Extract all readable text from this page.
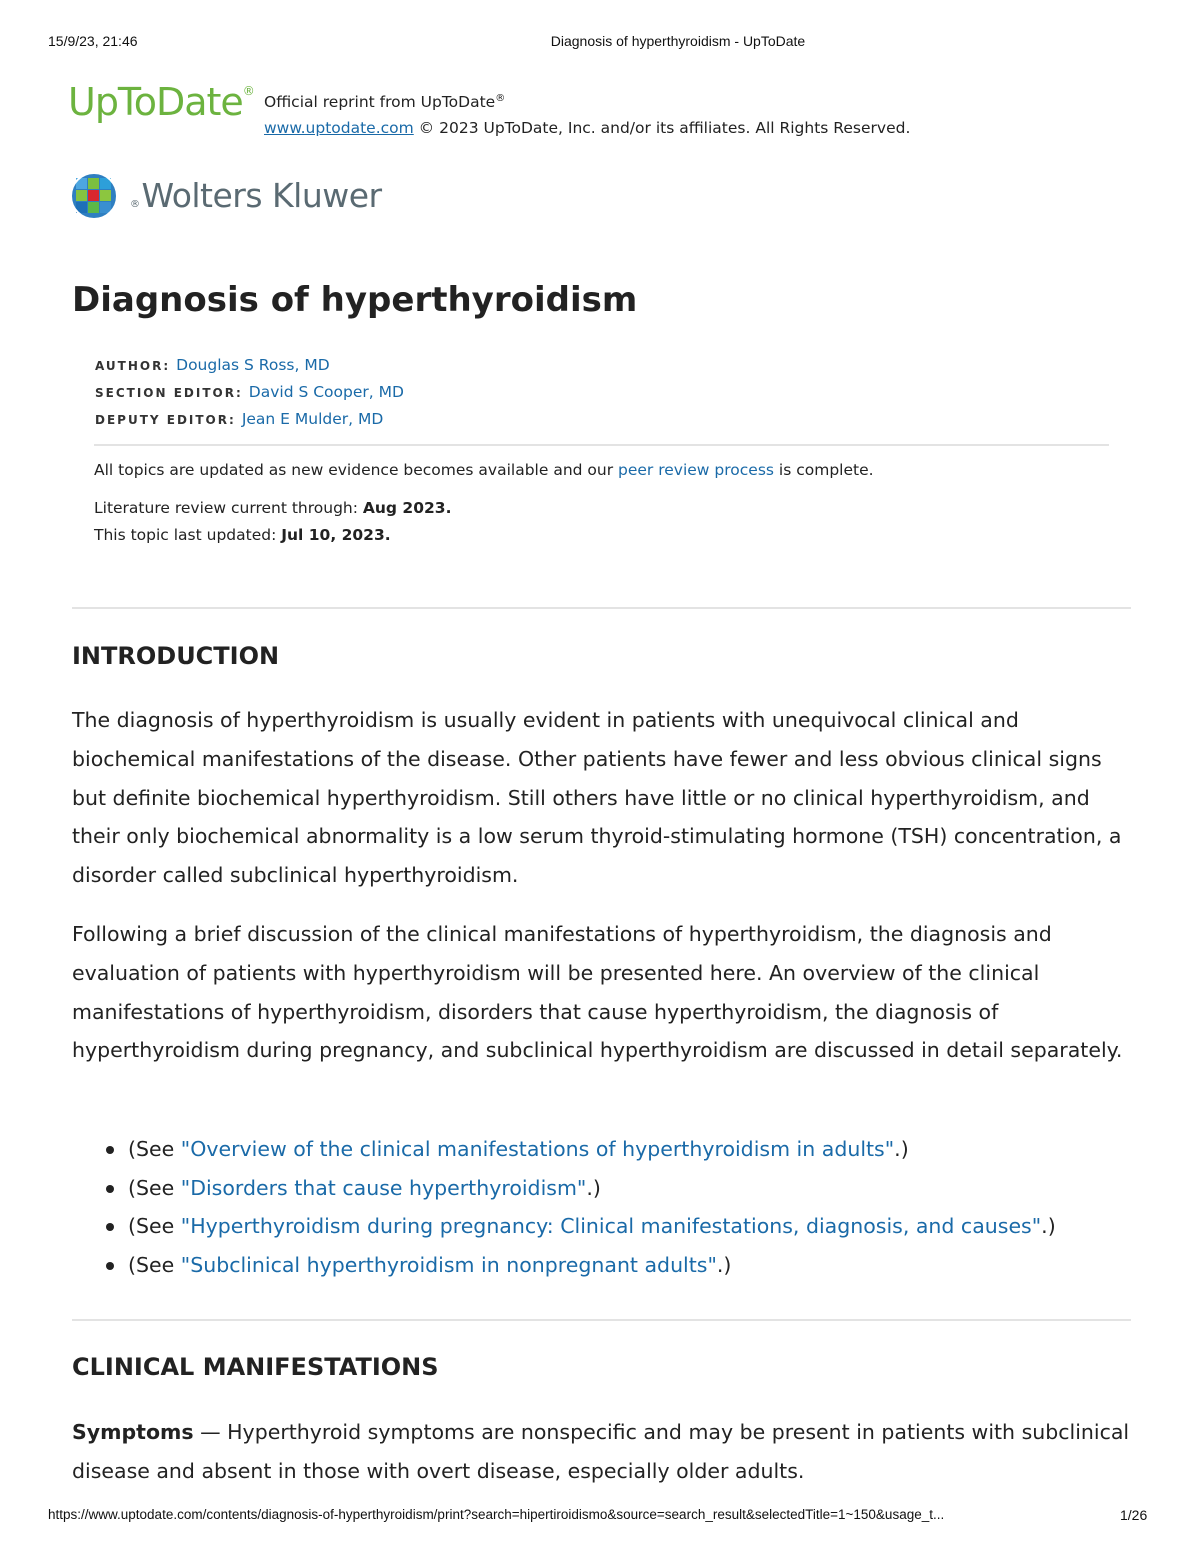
15/9/23, 21:46	Diagnosis of hyperthyroidism - UpToDate
UpToDate®
Official reprint from UpToDate®
www.uptodate.com © 2023 UpToDate, Inc. and/or its affiliates. All Rights Reserved.
®Wolters Kluwer
Diagnosis of hyperthyroidism
AUTHOR: Douglas S Ross, MD
SECTION EDITOR: David S Cooper, MD
DEPUTY EDITOR: Jean E Mulder, MD
All topics are updated as new evidence becomes available and our peer review process is complete.
Literature review current through: Aug 2023.
This topic last updated: Jul 10, 2023.
INTRODUCTION
The diagnosis of hyperthyroidism is usually evident in patients with unequivocal clinical and biochemical manifestations of the disease. Other patients have fewer and less obvious clinical signs but definite biochemical hyperthyroidism. Still others have little or no clinical hyperthyroidism, and their only biochemical abnormality is a low serum thyroid-stimulating hormone (TSH) concentration, a disorder called subclinical hyperthyroidism.
Following a brief discussion of the clinical manifestations of hyperthyroidism, the diagnosis and evaluation of patients with hyperthyroidism will be presented here. An overview of the clinical manifestations of hyperthyroidism, disorders that cause hyperthyroidism, the diagnosis of hyperthyroidism during pregnancy, and subclinical hyperthyroidism are discussed in detail separately.
(See "Overview of the clinical manifestations of hyperthyroidism in adults".)
(See "Disorders that cause hyperthyroidism".)
(See "Hyperthyroidism during pregnancy: Clinical manifestations, diagnosis, and causes".)
(See "Subclinical hyperthyroidism in nonpregnant adults".)
CLINICAL MANIFESTATIONS
Symptoms — Hyperthyroid symptoms are nonspecific and may be present in patients with subclinical disease and absent in those with overt disease, especially older adults.
https://www.uptodate.com/contents/diagnosis-of-hyperthyroidism/print?search=hipertiroidismo&source=search_result&selectedTitle=1~150&usage_t...	1/26
